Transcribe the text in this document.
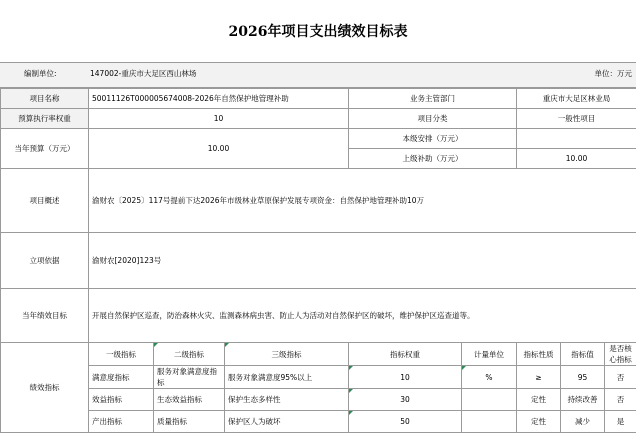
2026年项目支出绩效目标表
编制单位:	147002-重庆市大足区西山林场	单位：万元
项目名称	50011126T000005674008-2026年自然保护地管理补助			业务主管部门		重庆市大足区林业局		
预算执行率权重	10			项目分类		一般性项目		
当年预算（万元）	10.00			本级安排（万元）				
				上级补助（万元）		10.00		
项目概述	渝财农〔2025〕117号提前下达2026年市级林业草原保护发展专项资金：自然保护地管理补助10万							
立项依据	渝财农[2020]123号							
当年绩效目标	开展自然保护区巡查，防治森林火灾、监测森林病虫害、防止人为活动对自然保护区的破坏，维护保护区巡查道等。							
绩效指标	一级指标	二级指标	三级指标	指标权重	计量单位	指标性质	指标值	是否核心指标
	满意度指标	服务对象满意度指标	服务对象满意度95%以上	10	%	≥	95	否
	效益指标	生态效益指标	保护生态多样性	30		定性	持续改善	否
	产出指标	质量指标	保护区人为破坏	50		定性	减少	是
